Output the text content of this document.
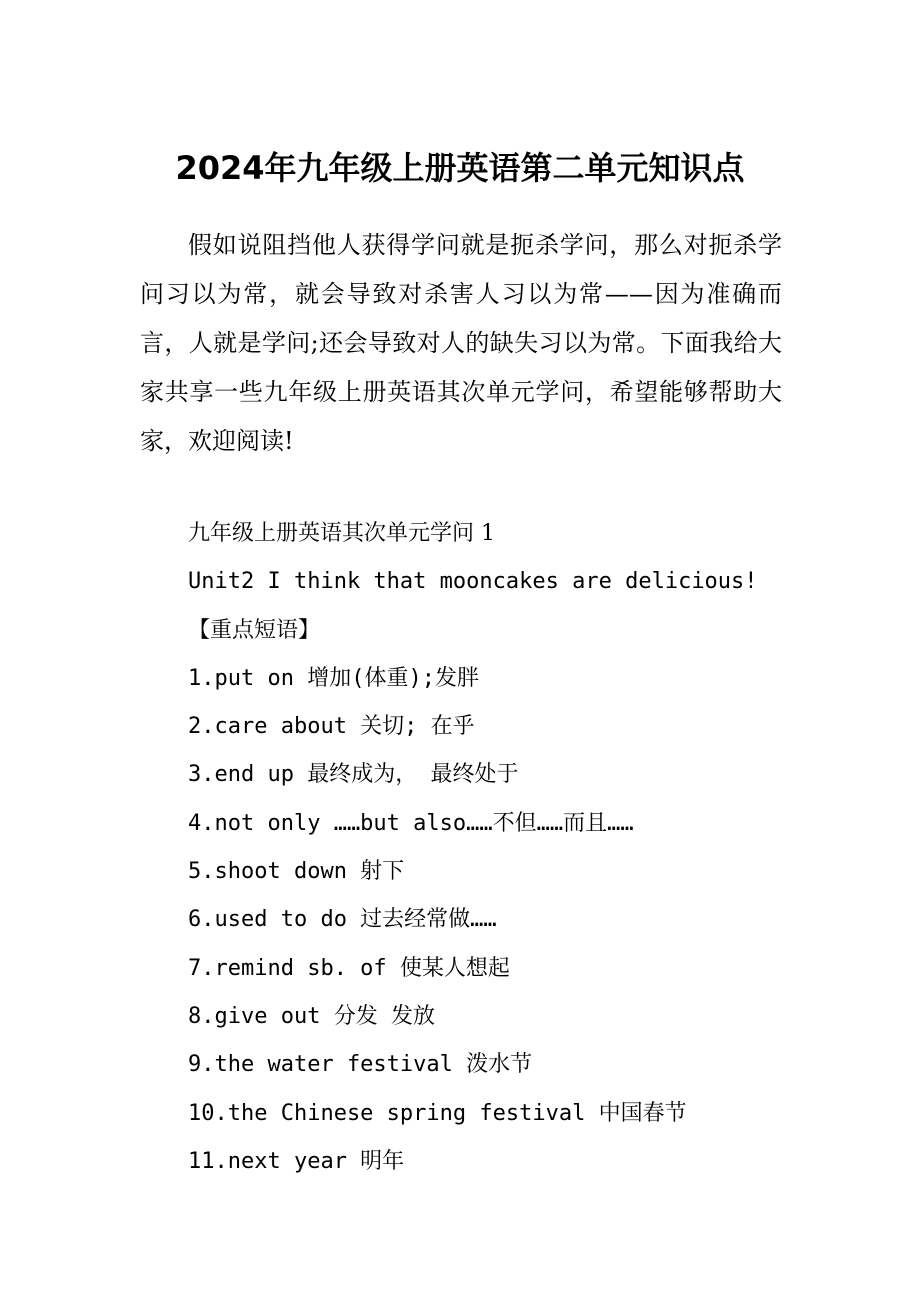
2024年九年级上册英语第二单元知识点

假如说阻挡他人获得学问就是扼杀学问，那么对扼杀学问习以为常，就会导致对杀害人习以为常——因为准确而言，人就是学问;还会导致对人的缺失习以为常。下面我给大家共享一些九年级上册英语其次单元学问，希望能够帮助大家，欢迎阅读!

九年级上册英语其次单元学问 1
Unit2 I think that mooncakes are delicious!
【重点短语】
1.put on 增加(体重);发胖
2.care about 关切; 在乎
3.end up 最终成为， 最终处于
4.not only ……but also……不但……而且……
5.shoot down 射下
6.used to do 过去经常做……
7.remind sb. of 使某人想起
8.give out 分发 发放
9.the water festival 泼水节
10.the Chinese spring festival 中国春节
11.next year 明年
